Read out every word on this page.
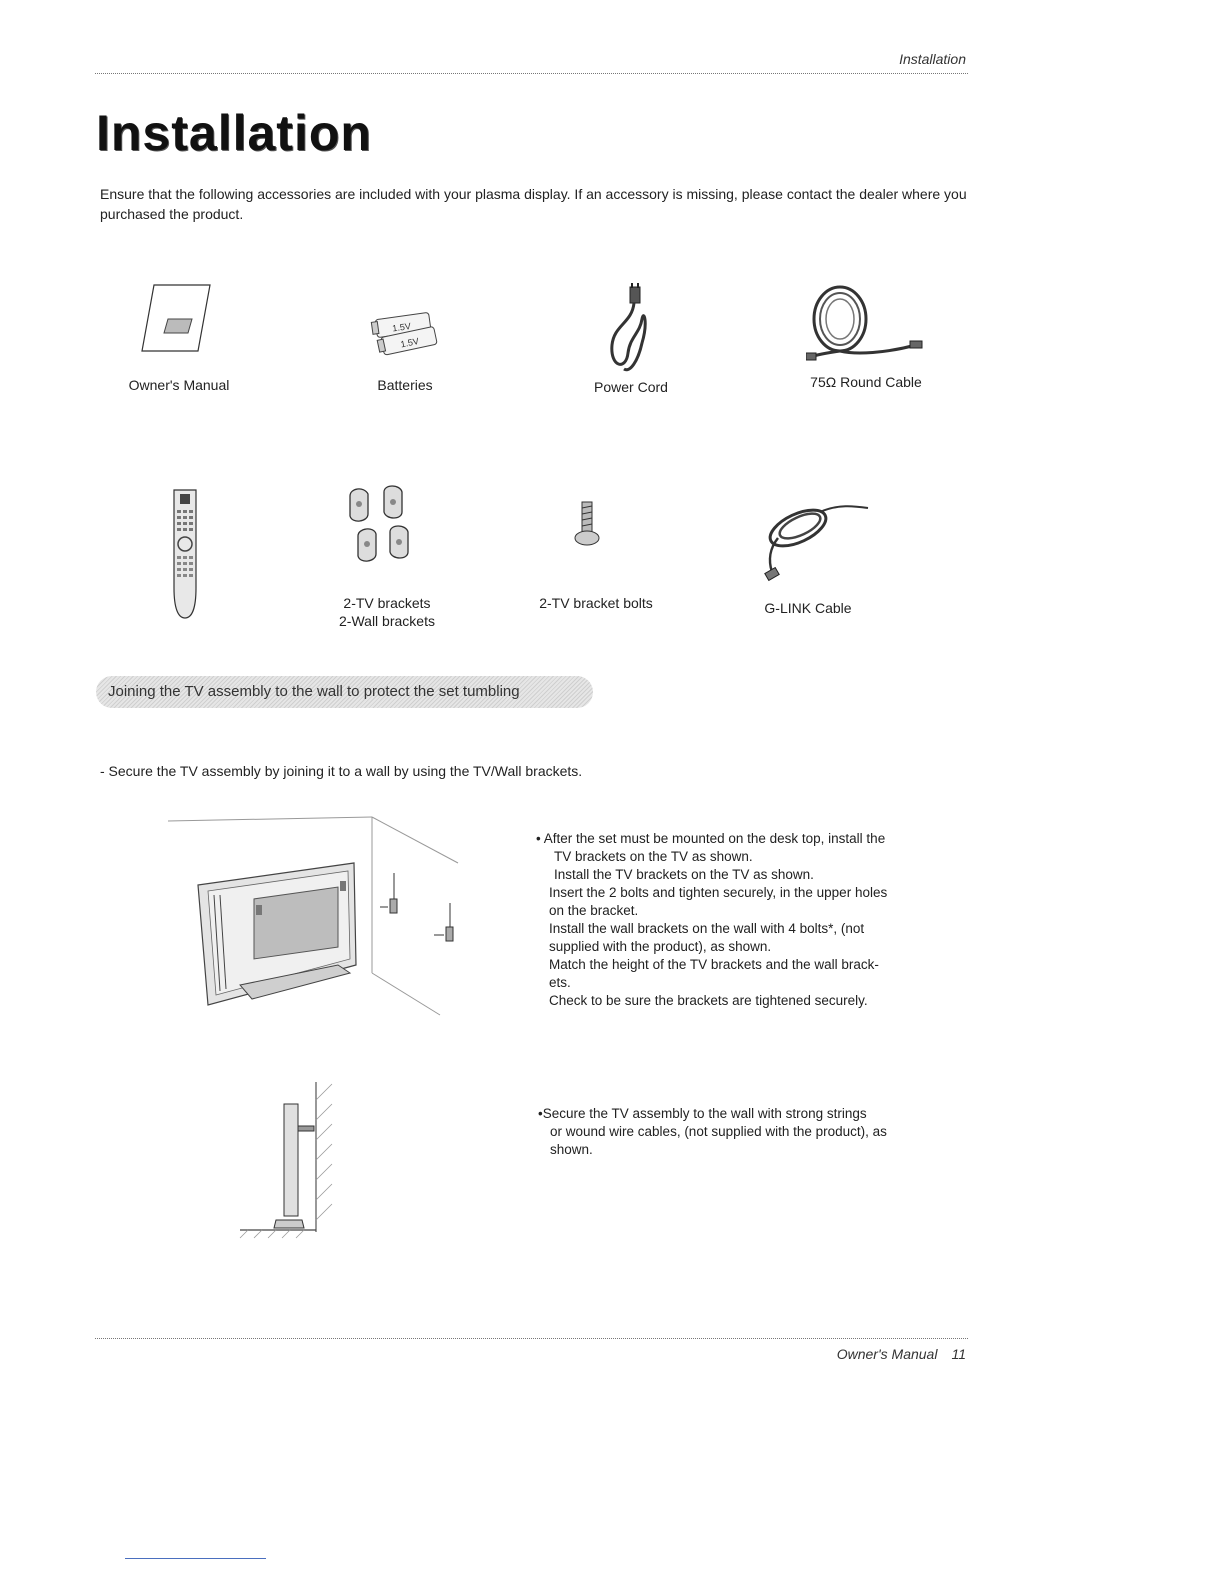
Installation
Installation
Ensure that the following accessories are included with your plasma display. If an accessory is missing, please contact the dealer where you purchased the product.
Owner's Manual
1.5V
1.5V
Batteries	Power Cord	75Ω Round Cable
2-TV brackets
2-Wall brackets
2-TV bracket bolts	G-LINK Cable
Joining the TV assembly to the wall to protect the set tumbling
- Secure the TV assembly by joining it to a wall by using the TV/Wall brackets.
• After the set must be mounted on the desk top, install the
TV brackets on the TV as shown.
Install the TV brackets on the TV as shown.
Insert the 2 bolts and tighten securely, in the upper holes
on the bracket.
Install the wall brackets on the wall with 4 bolts*, (not
supplied with the product), as shown.
Match the height of the TV brackets and the wall brack-
ets.
Check to be sure the brackets are tightened securely.
•Secure the TV assembly to the wall with strong strings
or wound wire cables, (not supplied with the product), as
shown.
Owner's Manual 11
